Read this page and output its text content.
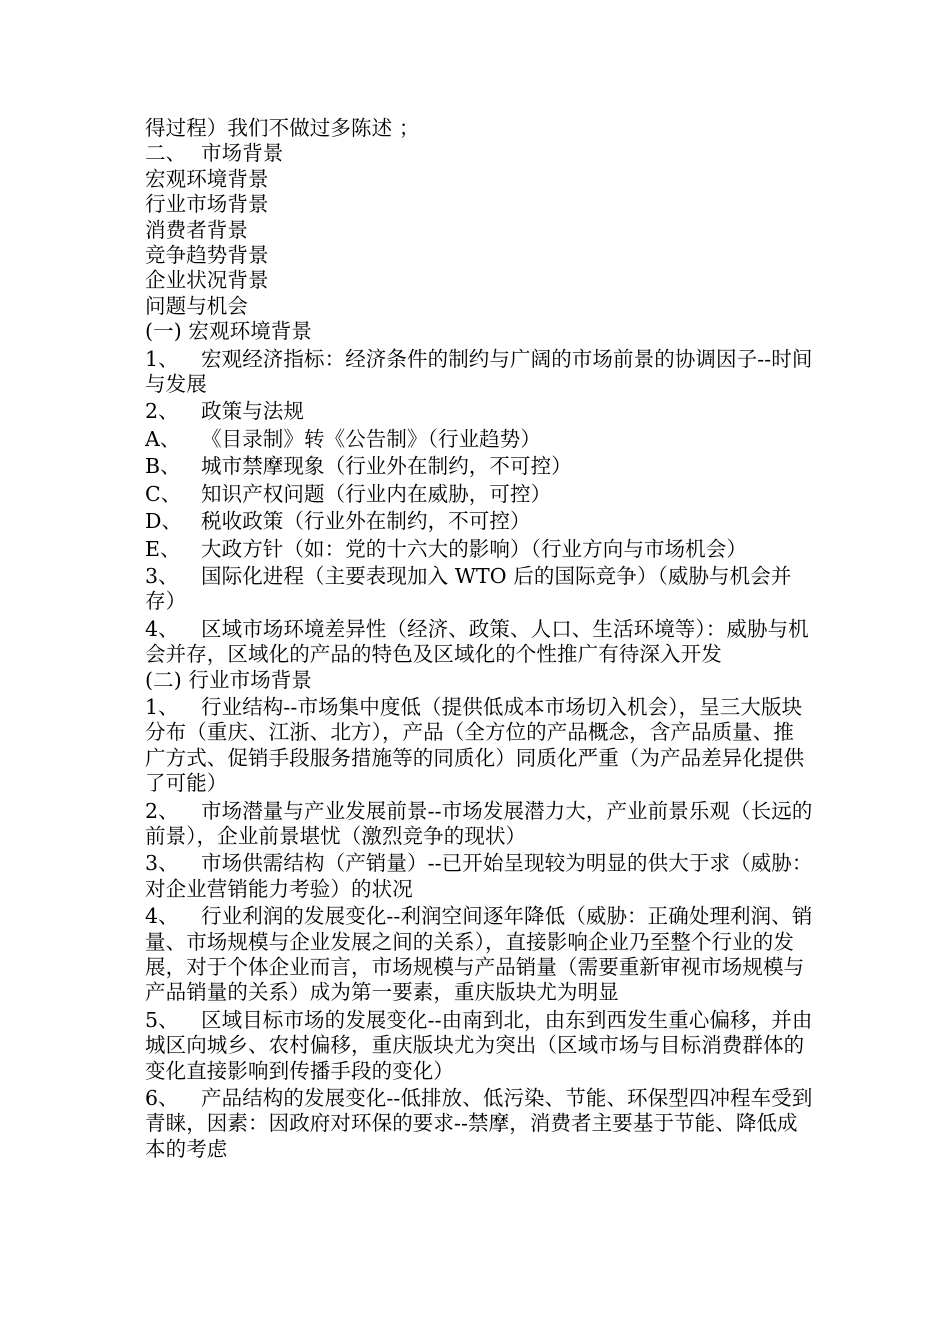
得过程）我们不做过多陈述 ；

二、 市场背景

宏观环境背景

行业市场背景

消费者背景

竞争趋势背景

企业状况背景

问题与机会

(一) 宏观环境背景

1、 宏观经济指标：经济条件的制约与广阔的市场前景的协调因子--时间与发展

2、 政策与法规

A、 《目录制》转《公告制》（行业趋势）

B、 城市禁摩现象（行业外在制约，不可控）

C、 知识产权问题（行业内在威胁，可控）

D、 税收政策（行业外在制约，不可控）

E、 大政方针（如：党的十六大的影响）（行业方向与市场机会）

3、 国际化进程（主要表现加入 WTO 后的国际竞争）（威胁与机会并存）

4、 区域市场环境差异性（经济、政策、人口、生活环境等）：威胁与机会并存，区域化的产品的特色及区域化的个性推广有待深入开发

(二) 行业市场背景

1、 行业结构--市场集中度低（提供低成本市场切入机会），呈三大版块分布（重庆、江浙、北方），产品（全方位的产品概念，含产品质量、推广方式、促销手段服务措施等的同质化）同质化严重（为产品差异化提供了可能）

2、 市场潜量与产业发展前景--市场发展潜力大，产业前景乐观（长远的前景），企业前景堪忧（激烈竞争的现状）

3、 市场供需结构（产销量）--已开始呈现较为明显的供大于求（威胁：对企业营销能力考验）的状况

4、 行业利润的发展变化--利润空间逐年降低（威胁：正确处理利润、销量、市场规模与企业发展之间的关系），直接影响企业乃至整个行业的发展，对于个体企业而言，市场规模与产品销量（需要重新审视市场规模与产品销量的关系）成为第一要素，重庆版块尤为明显

5、 区域目标市场的发展变化--由南到北，由东到西发生重心偏移，并由城区向城乡、农村偏移，重庆版块尤为突出（区域市场与目标消费群体的变化直接影响到传播手段的变化）

6、 产品结构的发展变化--低排放、低污染、节能、环保型四冲程车受到青睐，因素：因政府对环保的要求--禁摩，消费者主要基于节能、降低成本的考虑
